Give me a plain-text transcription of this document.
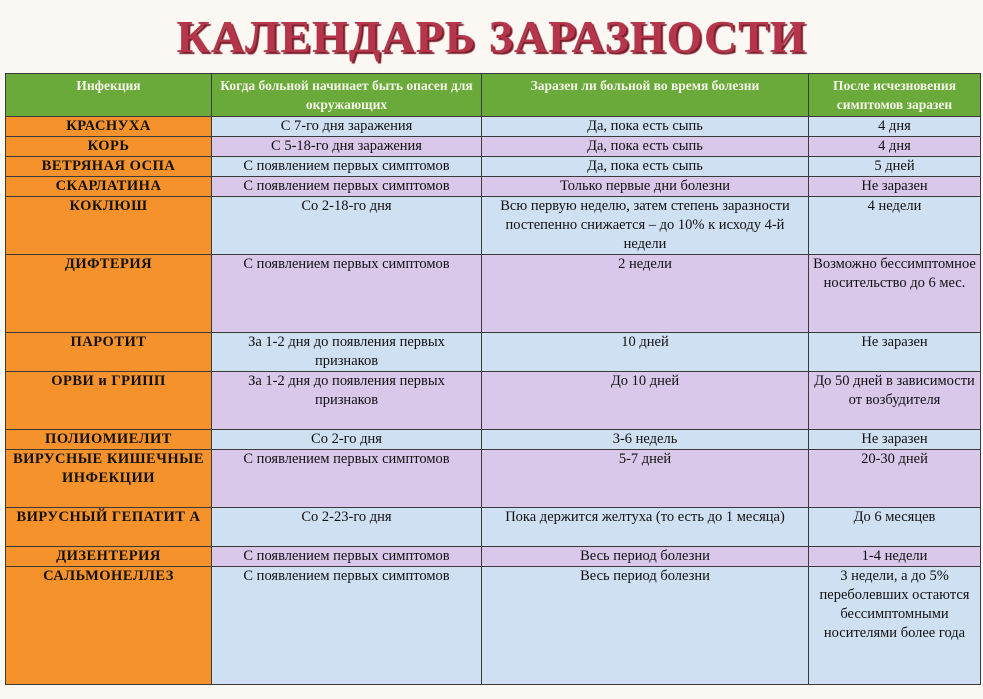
КАЛЕНДАРЬ ЗАРАЗНОСТИ
Инфекция	Когда больной начинает быть опасен для окружающих	Заразен ли больной во время болезни	После исчезновения симптомов заразен
КРАСНУХА	С 7-го дня заражения	Да, пока есть сыпь	4 дня
КОРЬ	С 5-18-го дня заражения	Да, пока есть сыпь	4 дня
ВЕТРЯНАЯ ОСПА	С появлением первых симптомов	Да, пока есть сыпь	5 дней
СКАРЛАТИНА	С появлением первых симптомов	Только первые дни болезни	Не заразен
КОКЛЮШ	Со 2-18-го дня	Всю первую неделю, затем степень заразности постепенно снижается – до 10% к исходу 4-й недели	4 недели
ДИФТЕРИЯ	С появлением первых симптомов	2 недели	Возможно бессимптомное носительство до 6 мес.
ПАРОТИТ	За 1-2 дня до появления первых признаков	10 дней	Не заразен
ОРВИ и ГРИПП	За 1-2 дня до появления первых признаков	До 10 дней	До 50 дней в зависимости от возбудителя
ПОЛИОМИЕЛИТ	Со 2-го дня	3-6 недель	Не заразен
ВИРУСНЫЕ КИШЕЧНЫЕ ИНФЕКЦИИ	С появлением первых симптомов	5-7 дней	20-30 дней
ВИРУСНЫЙ ГЕПАТИТ А	Со 2-23-го дня	Пока держится желтуха (то есть до 1 месяца)	До 6 месяцев
ДИЗЕНТЕРИЯ	С появлением первых симптомов	Весь период болезни	1-4 недели
САЛЬМОНЕЛЛЕЗ	С появлением первых симптомов	Весь период болезни	3 недели, а до 5% переболевших остаются бессимптомными носителями более года
